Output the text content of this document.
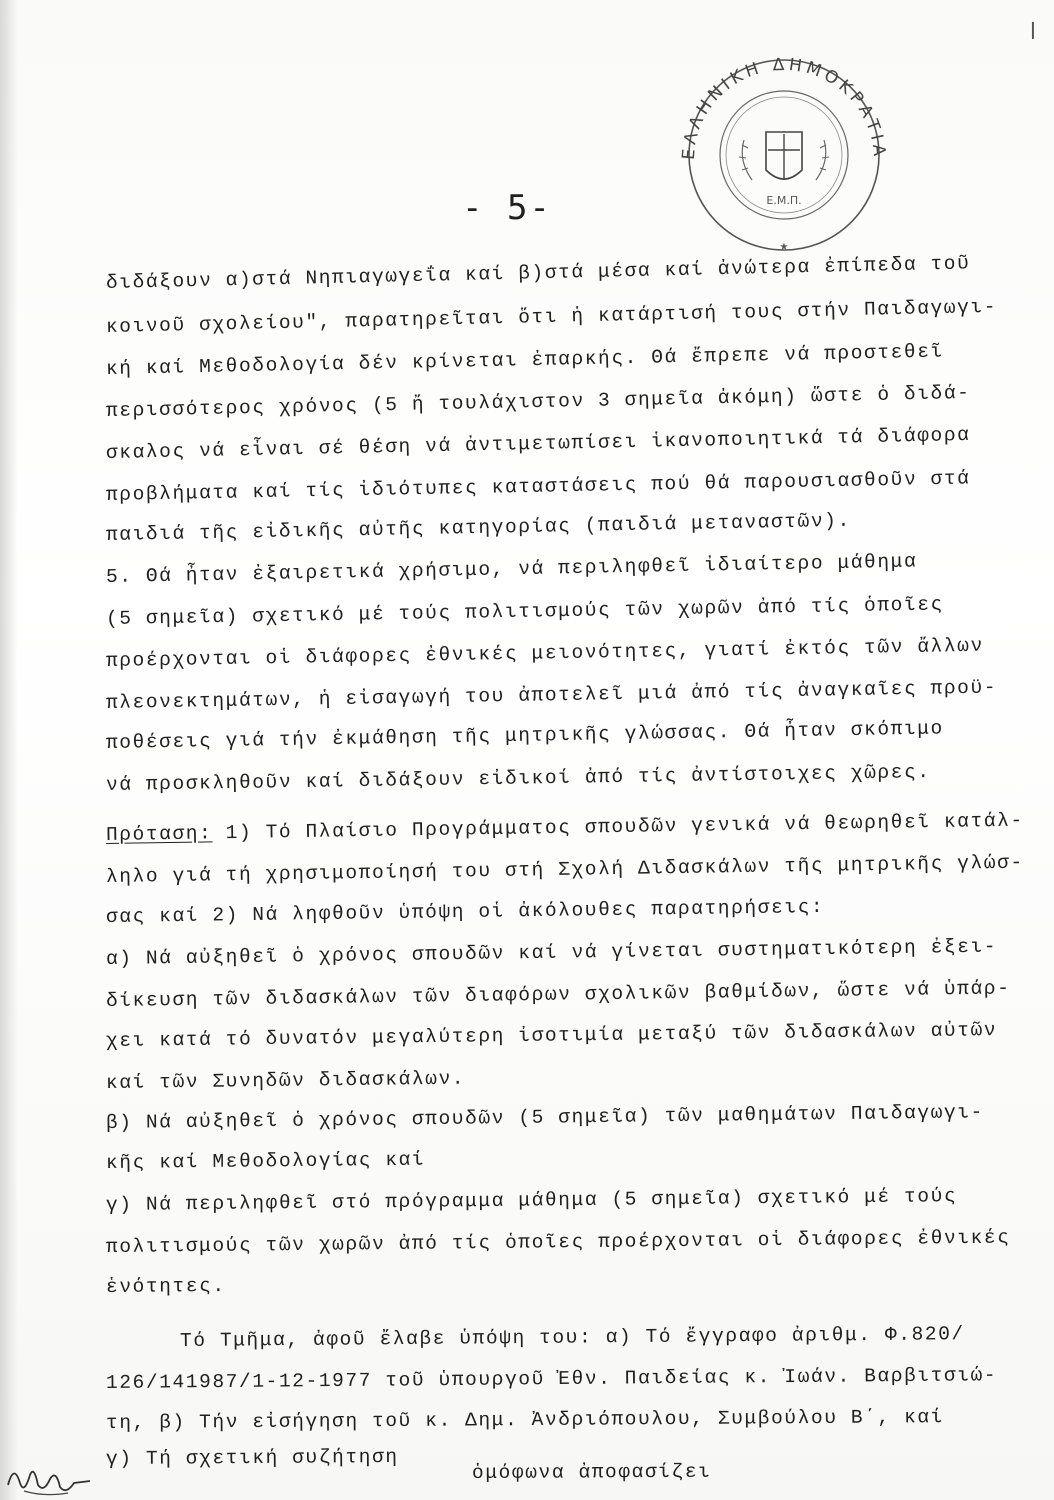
l
ΕΛΛΗΝΙΚΗ ΔΗΜΟΚΡΑΤΙΑ
Ε.Μ.Π.
★
- 5-
διδάξουν α)στά Νηπιαγωγεΐα καί β)στά μέσα καί ἀνώτερα ἐπίπεδα τοῦ
κοινοῦ σχολείου", παρατηρεῖται ὅτι ἡ κατάρτισή τους στήν Παιδαγωγι-
κή καί Μεθοδολογία δέν κρίνεται ἐπαρκής. Θά ἔπρεπε νά προστεθεῖ
περισσότερος χρόνος (5 ἤ τουλάχιστον 3 σημεῖα ἀκόμη) ὥστε ὁ διδά-
σκαλος νά εἶναι σέ θέση νά ἀντιμετωπίσει ἱκανοποιητικά τά διάφορα
προβλήματα καί τίς ἰδιότυπες καταστάσεις πού θά παρουσιασθοῦν στά
παιδιά τῆς εἰδικῆς αὐτῆς κατηγορίας (παιδιά μεταναστῶν).
5. Θά ἦταν ἐξαιρετικά χρήσιμο, νά περιληφθεῖ ἰδιαίτερο μάθημα
(5 σημεῖα) σχετικό μέ τούς πολιτισμούς τῶν χωρῶν ἀπό τίς ὁποῖες
προέρχονται οἱ διάφορες ἐθνικές μειονότητες, γιατί ἐκτός τῶν ἄλλων
πλεονεκτημάτων, ἡ εἰσαγωγή του ἀποτελεῖ μιά ἀπό τίς ἀναγκαῖες προϋ-
ποθέσεις γιά τήν ἐκμάθηση τῆς μητρικῆς γλώσσας. Θά ἦταν σκόπιμο
νά προσκληθοῦν καί διδάξουν εἰδικοί ἀπό τίς ἀντίστοιχες χῶρες.
Πρόταση: 1) Τό Πλαίσιο Προγράμματος σπουδῶν γενικά νά θεωρηθεῖ κατάλ-
ληλο γιά τή χρησιμοποίησή του στή Σχολή Διδασκάλων τῆς μητρικῆς γλώσ-
σας καί 2) Νά ληφθοῦν ὑπόψη οἱ ἀκόλουθες παρατηρήσεις:
α) Νά αὐξηθεῖ ὁ χρόνος σπουδῶν καί νά γίνεται συστηματικότερη ἐξει-
δίκευση τῶν διδασκάλων τῶν διαφόρων σχολικῶν βαθμίδων, ὥστε νά ὑπάρ-
χει κατά τό δυνατόν μεγαλύτερη ἰσοτιμία μεταξύ τῶν διδασκάλων αὐτῶν
καί τῶν Συνηδῶν διδασκάλων.
β) Νά αὐξηθεῖ ὁ χρόνος σπουδῶν (5 σημεῖα) τῶν μαθημάτων Παιδαγωγι-
κῆς καί Μεθοδολογίας καί
γ) Νά περιληφθεῖ στό πρόγραμμα μάθημα (5 σημεῖα) σχετικό μέ τούς
πολιτισμούς τῶν χωρῶν ἀπό τίς ὁποῖες προέρχονται οἱ διάφορες ἐθνικές
ἑνότητες.
Τό Τμῆμα, ἀφοῦ ἔλαβε ὑπόψη του: α) Τό ἔγγραφο ἀριθμ. Φ.820/
126/141987/1-12-1977 τοῦ ὑπουργοῦ Ἐθν. Παιδείας κ. Ἰωάν. Βαρβιτσιώ-
τη, β) Τήν εἰσήγηση τοῦ κ. Δημ. Ἀνδριόπουλου, Συμβούλου Β΄, καί
γ) Τή σχετική συζήτηση
ὁμόφωνα ἀποφασίζει
